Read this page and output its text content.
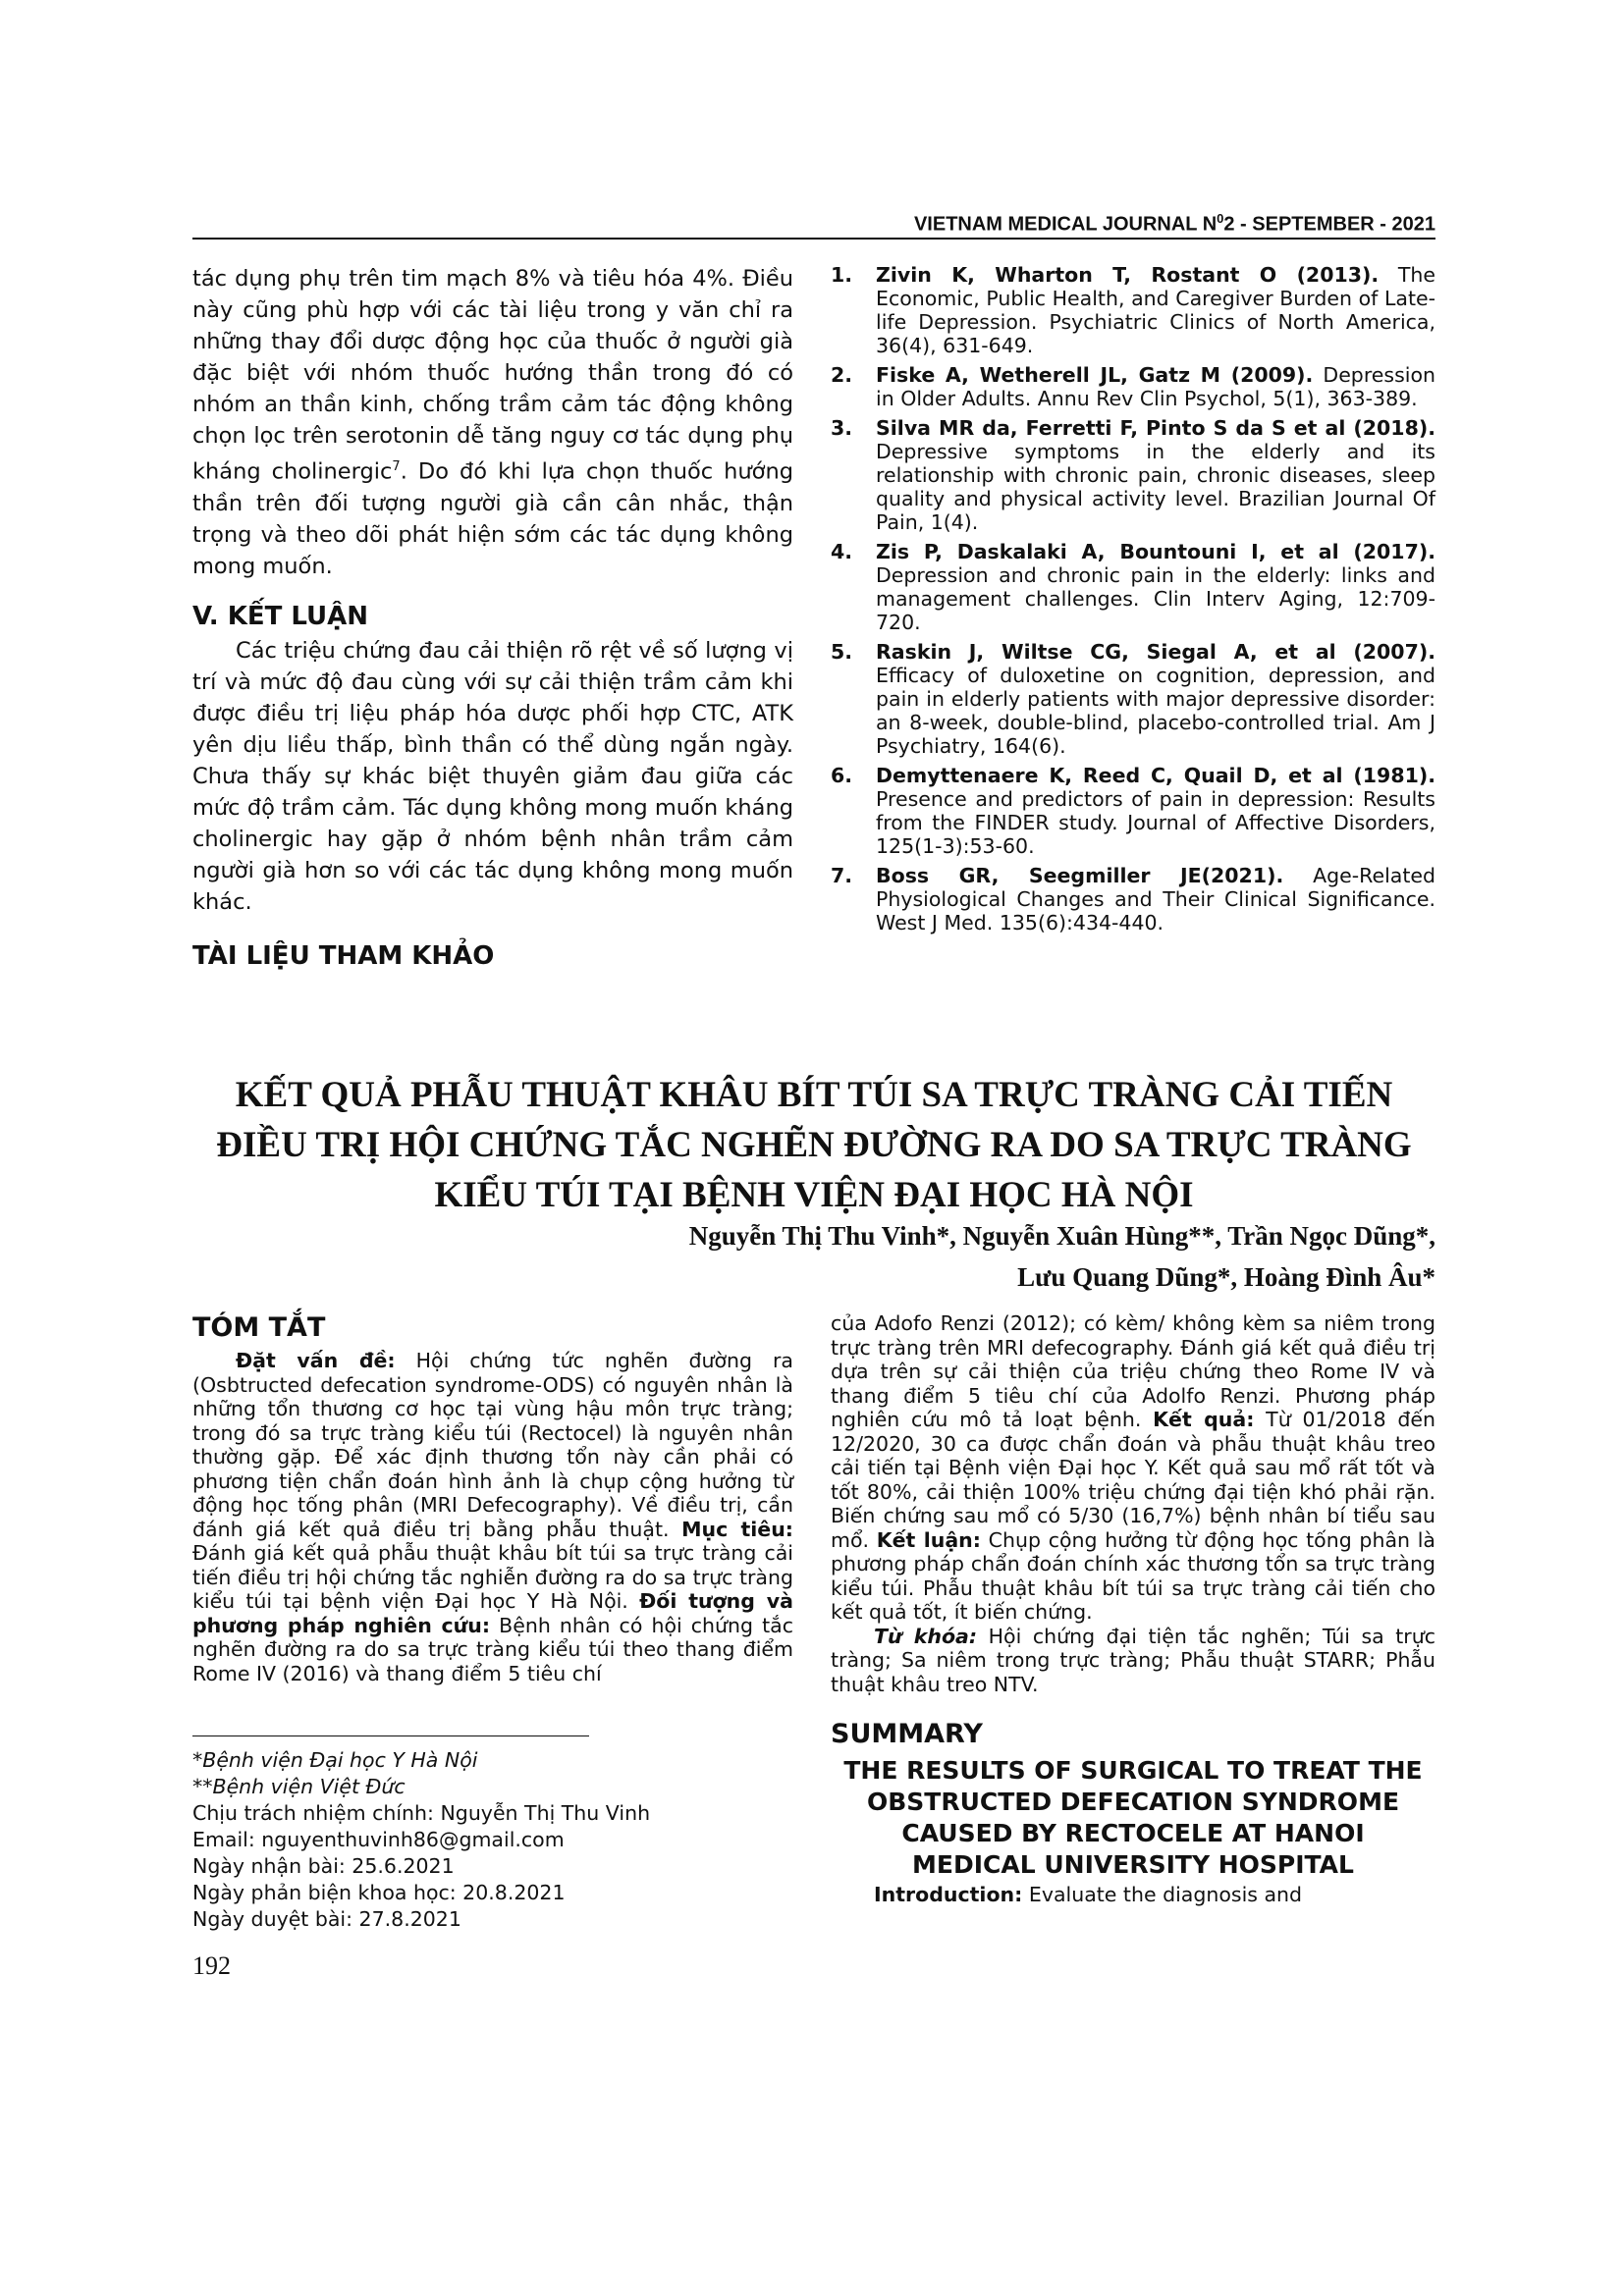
VIETNAM MEDICAL JOURNAL $N^02$ - SEPTEMBER - 2021
tác dụng phụ trên tim mạch 8% và tiêu hóa 4%. Điều này cũng phù hợp với các tài liệu trong y văn chỉ ra những thay đổi dược động học của thuốc ở người già đặc biệt với nhóm thuốc hướng thần trong đó có nhóm an thần kinh, chống trầm cảm tác động không chọn lọc trên serotonin dễ tăng nguy cơ tác dụng phụ kháng cholinergic$^7$. Do đó khi lựa chọn thuốc hướng thần trên đối tượng người già cần cân nhắc, thận trọng và theo dõi phát hiện sớm các tác dụng không mong muốn.
V. KẾT LUẬN
Các triệu chứng đau cải thiện rõ rệt về số lượng vị trí và mức độ đau cùng với sự cải thiện trầm cảm khi được điều trị liệu pháp hóa dược phối hợp CTC, ATK yên dịu liều thấp, bình thần có thể dùng ngắn ngày. Chưa thấy sự khác biệt thuyên giảm đau giữa các mức độ trầm cảm. Tác dụng không mong muốn kháng cholinergic hay gặp ở nhóm bệnh nhân trầm cảm người già hơn so với các tác dụng không mong muốn khác.
TÀI LIỆU THAM KHẢO
1. Zivin K, Wharton T, Rostant O (2013). The Economic, Public Health, and Caregiver Burden of Late-life Depression. Psychiatric Clinics of North America, 36(4), 631-649.
2. Fiske A, Wetherell JL, Gatz M (2009). Depression in Older Adults. Annu Rev Clin Psychol, 5(1), 363-389.
3. Silva MR da, Ferretti F, Pinto S da S et al (2018). Depressive symptoms in the elderly and its relationship with chronic pain, chronic diseases, sleep quality and physical activity level. Brazilian Journal Of Pain, 1(4).
4. Zis P, Daskalaki A, Bountouni I, et al (2017). Depression and chronic pain in the elderly: links and management challenges. Clin Interv Aging, 12:709-720.
5. Raskin J, Wiltse CG, Siegal A, et al (2007). Efficacy of duloxetine on cognition, depression, and pain in elderly patients with major depressive disorder: an 8-week, double-blind, placebo-controlled trial. Am J Psychiatry, 164(6).
6. Demyttenaere K, Reed C, Quail D, et al (1981). Presence and predictors of pain in depression: Results from the FINDER study. Journal of Affective Disorders, 125(1-3):53-60.
7. Boss GR, Seegmiller JE(2021). Age-Related Physiological Changes and Their Clinical Significance. West J Med. 135(6):434-440.
KẾT QUẢ PHẪU THUẬT KHÂU BÍT TÚI SA TRỰC TRÀNG CẢI TIẾN
ĐIỀU TRỊ HỘI CHỨNG TẮC NGHẼN ĐƯỜNG RA DO SA TRỰC TRÀNG
KIỂU TÚI TẠI BỆNH VIỆN ĐẠI HỌC HÀ NỘI
Nguyễn Thị Thu Vinh*, Nguyễn Xuân Hùng**, Trần Ngọc Dũng*,
Lưu Quang Dũng*, Hoàng Đình Âu*
TÓM TẮT
Đặt vấn đề: Hội chứng tức nghẽn đường ra (Osbtructed defecation syndrome-ODS) có nguyên nhân là những tổn thương cơ học tại vùng hậu môn trực tràng; trong đó sa trực tràng kiểu túi (Rectocel) là nguyên nhân thường gặp. Để xác định thương tổn này cần phải có phương tiện chẩn đoán hình ảnh là chụp cộng hưởng từ động học tống phân (MRI Defecography). Về điều trị, cần đánh giá kết quả điều trị bằng phẫu thuật. Mục tiêu: Đánh giá kết quả phẫu thuật khâu bít túi sa trực tràng cải tiến điều trị hội chứng tắc nghiễn đường ra do sa trực tràng kiểu túi tại bệnh viện Đại học Y Hà Nội. Đối tượng và phương pháp nghiên cứu: Bệnh nhân có hội chứng tắc nghẽn đường ra do sa trực tràng kiểu túi theo thang điểm Rome IV (2016) và thang điểm 5 tiêu chí
*Bệnh viện Đại học Y Hà Nội
**Bệnh viện Việt Đức
Chịu trách nhiệm chính: Nguyễn Thị Thu Vinh
Email: nguyenthuvinh86@gmail.com
Ngày nhận bài: 25.6.2021
Ngày phản biện khoa học: 20.8.2021
Ngày duyệt bài: 27.8.2021
của Adofo Renzi (2012); có kèm/ không kèm sa niêm trong trực tràng trên MRI defecography. Đánh giá kết quả điều trị dựa trên sự cải thiện của triệu chứng theo Rome IV và thang điểm 5 tiêu chí của Adolfo Renzi. Phương pháp nghiên cứu mô tả loạt bệnh. Kết quả: Từ 01/2018 đến 12/2020, 30 ca được chẩn đoán và phẫu thuật khâu treo cải tiến tại Bệnh viện Đại học Y. Kết quả sau mổ rất tốt và tốt 80%, cải thiện 100% triệu chứng đại tiện khó phải rặn. Biến chứng sau mổ có 5/30 (16,7%) bệnh nhân bí tiểu sau mổ. Kết luận: Chụp cộng hưởng từ động học tống phân là phương pháp chẩn đoán chính xác thương tổn sa trực tràng kiểu túi. Phẫu thuật khâu bít túi sa trực tràng cải tiến cho kết quả tốt, ít biến chứng.
Từ khóa: Hội chứng đại tiện tắc nghẽn; Túi sa trực tràng; Sa niêm trong trực tràng; Phẫu thuật STARR; Phẫu thuật khâu treo NTV.
SUMMARY
THE RESULTS OF SURGICAL TO TREAT THE
OBSTRUCTED DEFECATION SYNDROME
CAUSED BY RECTOCELE AT HANOI
MEDICAL UNIVERSITY HOSPITAL
Introduction: Evaluate the diagnosis and
192
